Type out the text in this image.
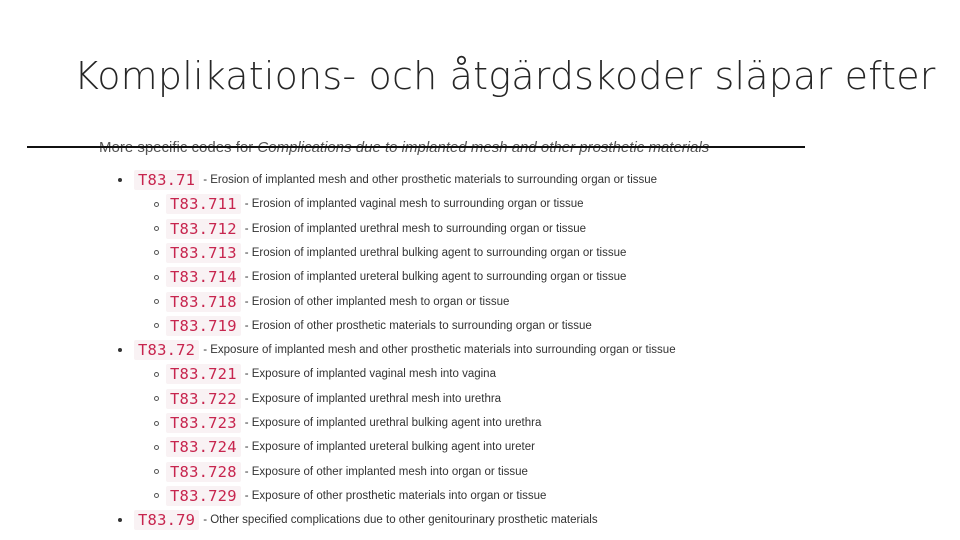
Komplikations- och åtgärdskoder släpar efter
T83.71 - Erosion of implanted mesh and other prosthetic materials to surrounding organ or tissue
T83.711 - Erosion of implanted vaginal mesh to surrounding organ or tissue
T83.712 - Erosion of implanted urethral mesh to surrounding organ or tissue
T83.713 - Erosion of implanted urethral bulking agent to surrounding organ or tissue
T83.714 - Erosion of implanted ureteral bulking agent to surrounding organ or tissue
T83.718 - Erosion of other implanted mesh to organ or tissue
T83.719 - Erosion of other prosthetic materials to surrounding organ or tissue
T83.72 - Exposure of implanted mesh and other prosthetic materials into surrounding organ or tissue
T83.721 - Exposure of implanted vaginal mesh into vagina
T83.722 - Exposure of implanted urethral mesh into urethra
T83.723 - Exposure of implanted urethral bulking agent into urethra
T83.724 - Exposure of implanted ureteral bulking agent into ureter
T83.728 - Exposure of other implanted mesh into organ or tissue
T83.729 - Exposure of other prosthetic materials into organ or tissue
T83.79 - Other specified complications due to other genitourinary prosthetic materials
